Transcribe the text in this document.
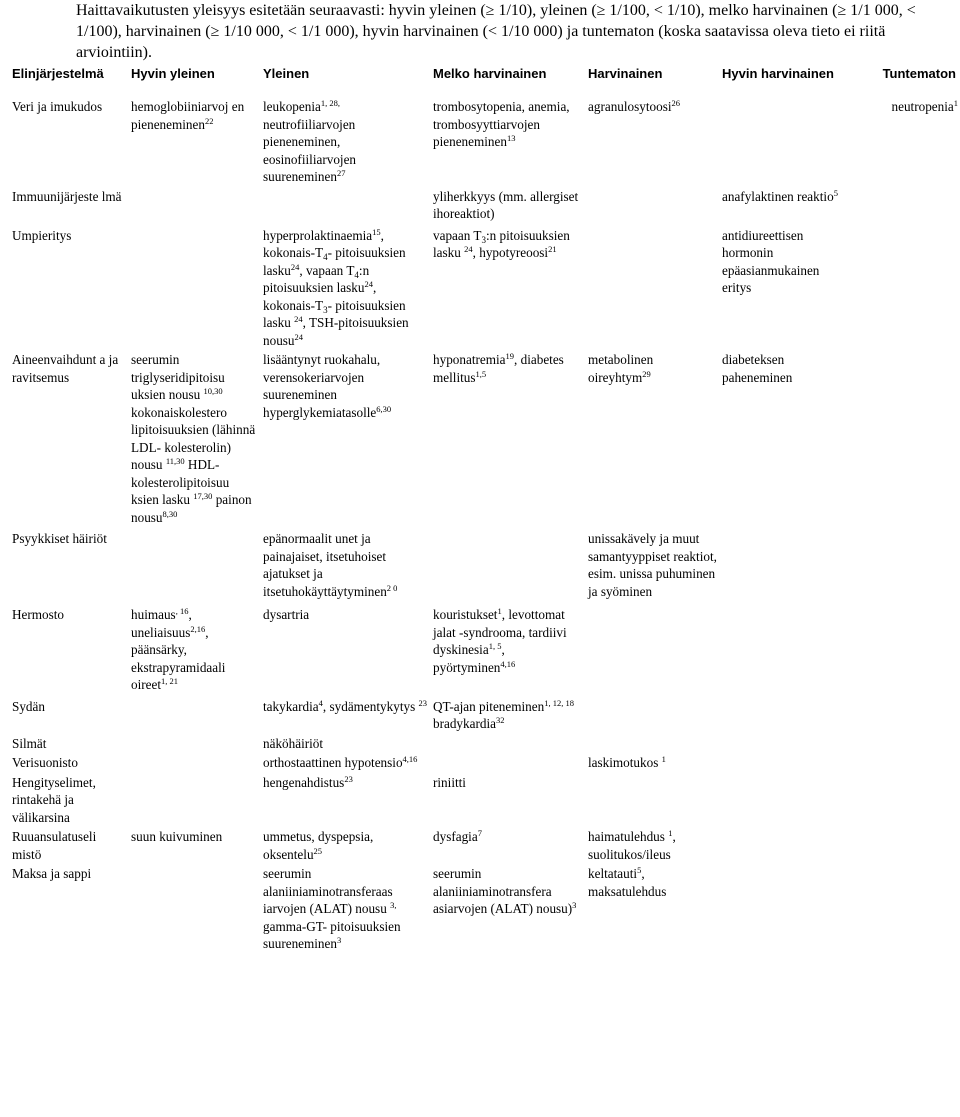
Haittavaikutusten yleisyys esitetään seuraavasti: hyvin yleinen (≥ 1/10), yleinen (≥ 1/100, < 1/10), melko harvinainen (≥ 1/1 000, < 1/100), harvinainen (≥ 1/10 000, < 1/1 000), hyvin harvinainen (< 1/10 000) ja tuntematon (koska saatavissa oleva tieto ei riitä arviointiin).
Elinjärjestelmä	Hyvin yleinen	Yleinen	Melko harvinainen	Harvinainen	Hyvin harvinainen	Tuntematon
Veri ja imukudos	hemoglobiiniarvoj en pieneneminen$^{22}$	leukopenia$^{1, 28,}$ neutrofiiliarvojen pieneneminen, eosinofiiliarvojen suureneminen$^{27}$	trombosytopenia, anemia, trombosyyttiarvojen pieneneminen$^{13}$	agranulosytoosi$^{26}$		neutropenia$^1$
Immuunijärjeste lmä			yliherkkyys (mm. allergiset ihoreaktiot)		anafylaktinen reaktio$^5$	
Umpieritys		hyperprolaktinaemia$^{15}$, kokonais-$T_4-$ pitoisuuksien lasku$^{24}$, vapaan $T_4:n$ pitoisuuksien lasku$^{24}$, kokonais-$T_3-$ pitoisuuksien lasku $^{24}$, TSH-pitoisuuksien nousu$^{24}$	vapaan $T_3:n$ pitoisuuksien lasku $^{24}$, hypotyreoosi$^{21}$		antidiureettisen hormonin epäasianmukainen eritys	
Aineenvaihdunt a ja ravitsemus	seerumin triglyseridipitoisu uksien nousu $^{10,30}$ kokonaiskolestero lipitoisuuksien (lähinnä LDL- kolesterolin) nousu $^{11,30}$ HDL- kolesterolipitoisuu ksien lasku $^{17,30}$ painon nousu$^{8,30}$	lisääntynyt ruokahalu, verensokeriarvojen suureneminen hyperglykemiatasolle$^{6,30}$	hyponatremia$^{19}$, diabetes mellitus$^{1,5}$	metabolinen oireyhtym$^{29}$	diabeteksen paheneminen	
Psyykkiset häiriöt		epänormaalit unet ja painajaiset, itsetuhoiset ajatukset ja itsetuhokäyttäytyminen$^{2 0}$		unissakävely ja muut samantyyppiset reaktiot, esim. unissa puhuminen ja syöminen		
Hermosto	huimaus$^{, 16}$, uneliaisuus$^{2,16}$, päänsärky, ekstrapyramidaali oireet$^{1, 21}$	dysartria	kouristukset$^1$, levottomat jalat -syndrooma, tardiivi dyskinesia$^{1, 5}$, pyörtyminen$^{4,16}$			
Sydän		takykardia$^4$, sydämentykytys $^{23}$	QT-ajan piteneminen$^{1, 12, 18}$ bradykardia$^{32}$			
Silmät		näköhäiriöt				
Verisuonisto		orthostaattinen hypotensio$^{4,16}$		laskimotukos $^1$		
Hengityselimet, rintakehä ja välikarsina		hengenahdistus$^{23}$	riniitti			
Ruuansulatuseli mistö	suun kuivuminen	ummetus, dyspepsia, oksentelu$^{25}$	dysfagia$^7$	haimatulehdus $^1$, suolitukos/ileus		
Maksa ja sappi		seerumin alaniiniaminotransferaas iarvojen (ALAT) nousu $^{3,}$ gamma-GT- pitoisuuksien suureneminen$^3$	seerumin alaniiniaminotransfera asiarvojen (ALAT) nousu)$^3$	keltatauti$^5$, maksatulehdus		
